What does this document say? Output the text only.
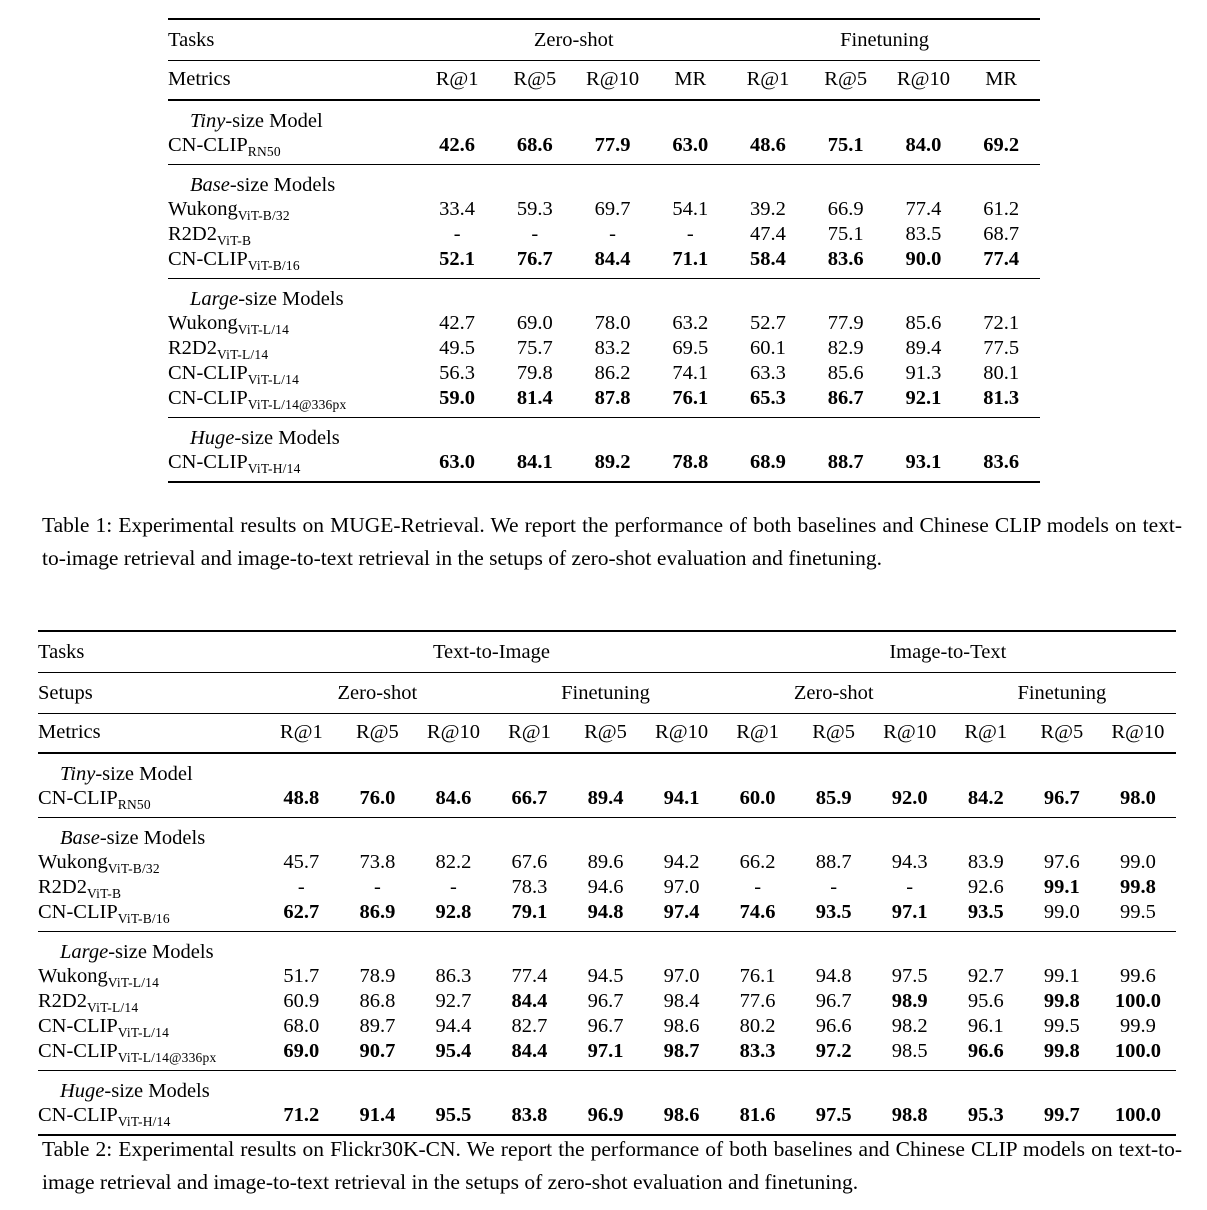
Tasks	Zero-shot				Finetuning			
Metrics	R@1	R@5	R@10	MR	R@1	R@5	R@10	MR
Tiny-size Model								
$CN-CLIP_{RN50}$	42.6	68.6	77.9	63.0	48.6	75.1	84.0	69.2
Base-size Models								
Wukong$_{ViT-B/32}$	33.4	59.3	69.7	54.1	39.2	66.9	77.4	61.2
$R2D2_{ViT-B}$	-	-	-	-	47.4	75.1	83.5	68.7
$CN-CLIP_{ViT-B/16}$	52.1	76.7	84.4	71.1	58.4	83.6	90.0	77.4
Large-size Models								
Wukong$_{ViT-L/14}$	42.7	69.0	78.0	63.2	52.7	77.9	85.6	72.1
$R2D2_{ViT-L/14}$	49.5	75.7	83.2	69.5	60.1	82.9	89.4	77.5
$CN-CLIP_{ViT-L/14}$	56.3	79.8	86.2	74.1	63.3	85.6	91.3	80.1
$CN-CLIP_{ViT-L/14@336px}$	59.0	81.4	87.8	76.1	65.3	86.7	92.1	81.3
Huge-size Models								
$CN-CLIP_{ViT-H/14}$	63.0	84.1	89.2	78.8	68.9	88.7	93.1	83.6
Table 1: Experimental results on MUGE-Retrieval. We report the performance of both baselines and Chinese CLIP models on text-to-image retrieval and image-to-text retrieval in the setups of zero-shot evaluation and finetuning.
Tasks	Text-to-Image						Image-to-Text					
Setups	Zero-shot			Finetuning			Zero-shot			Finetuning		
Metrics	R@1	R@5	R@10	R@1	R@5	R@10	R@1	R@5	R@10	R@1	R@5	R@10
Tiny-size Model												
$CN-CLIP_{RN50}$	48.8	76.0	84.6	66.7	89.4	94.1	60.0	85.9	92.0	84.2	96.7	98.0
Base-size Models												
Wukong$_{ViT-B/32}$	45.7	73.8	82.2	67.6	89.6	94.2	66.2	88.7	94.3	83.9	97.6	99.0
$R2D2_{ViT-B}$	-	-	-	78.3	94.6	97.0	-	-	-	92.6	99.1	99.8
$CN-CLIP_{ViT-B/16}$	62.7	86.9	92.8	79.1	94.8	97.4	74.6	93.5	97.1	93.5	99.0	99.5
Large-size Models												
Wukong$_{ViT-L/14}$	51.7	78.9	86.3	77.4	94.5	97.0	76.1	94.8	97.5	92.7	99.1	99.6
$R2D2_{ViT-L/14}$	60.9	86.8	92.7	84.4	96.7	98.4	77.6	96.7	98.9	95.6	99.8	100.0
$CN-CLIP_{ViT-L/14}$	68.0	89.7	94.4	82.7	96.7	98.6	80.2	96.6	98.2	96.1	99.5	99.9
$CN-CLIP_{ViT-L/14@336px}$	69.0	90.7	95.4	84.4	97.1	98.7	83.3	97.2	98.5	96.6	99.8	100.0
Huge-size Models												
$CN-CLIP_{ViT-H/14}$	71.2	91.4	95.5	83.8	96.9	98.6	81.6	97.5	98.8	95.3	99.7	100.0
Table 2: Experimental results on Flickr30K-CN. We report the performance of both baselines and Chinese CLIP models on text-to-image retrieval and image-to-text retrieval in the setups of zero-shot evaluation and finetuning.
